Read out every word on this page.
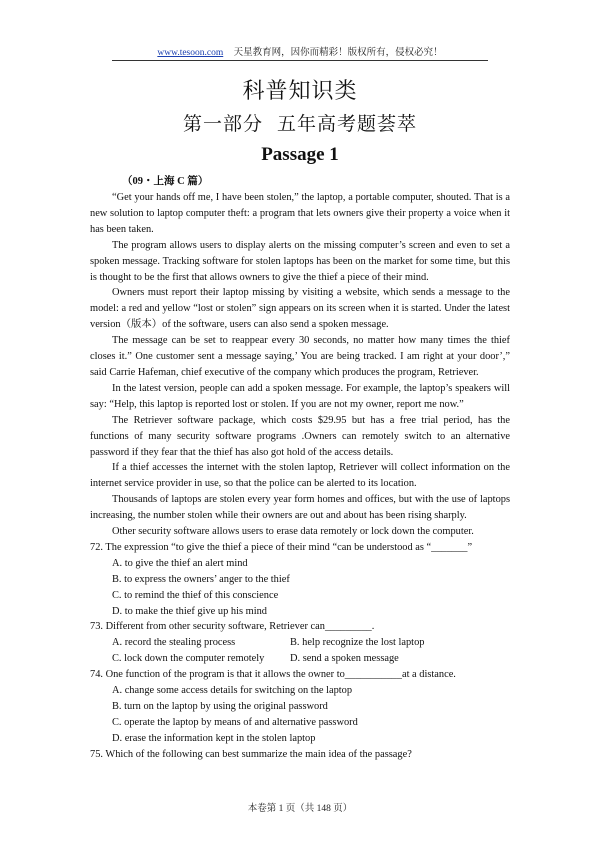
www.tesoon.com 天星教育网，因你而精彩！版权所有，侵权必究！
科普知识类
第一部分 五年高考题荟萃
Passage 1
（09・上海 C 篇）

“Get your hands off me, I have been stolen,” the laptop, a portable computer, shouted. That is a new solution to laptop computer theft: a program that lets owners give their property a voice when it has been taken.

The program allows users to display alerts on the missing computer’s screen and even to set a spoken message. Tracking software for stolen laptops has been on the market for some time, but this is thought to be the first that allows owners to give the thief a piece of their mind.

Owners must report their laptop missing by visiting a website, which sends a message to the model: a red and yellow “lost or stolen” sign appears on its screen when it is started. Under the latest version（版本）of the software, users can also send a spoken message.

The message can be set to reappear every 30 seconds, no matter how many times the thief closes it.” One customer sent a message saying,’ You are being tracked. I am right at your door’,” said Carrie Hafeman, chief executive of the company which produces the program, Retriever.

In the latest version, people can add a spoken message. For example, the laptop’s speakers will say: “Help, this laptop is reported lost or stolen. If you are not my owner, report me now.”

The Retriever software package, which costs $29.95 but has a free trial period, has the functions of many security software programs .Owners can remotely switch to an alternative password if they fear that the thief has also got hold of the access details.

If a thief accesses the internet with the stolen laptop, Retriever will collect information on the internet service provider in use, so that the police can be alerted to its location.

Thousands of laptops are stolen every year form homes and offices, but with the use of laptops increasing, the number stolen while their owners are out and about has been rising sharply.

Other security software allows users to erase data remotely or lock down the computer.

72. The expression “to give the thief a piece of their mind “can be understood as “_______”
A. to give the thief an alert mind
B. to express the owners’ anger to the thief
C. to remind the thief of this conscience
D. to make the thief give up his mind
73. Different from other security software, Retriever can_________.
A. record the stealing process	B. help recognize the lost laptop
C. lock down the computer remotely	D. send a spoken message
74. One function of the program is that it allows the owner to___________at a distance.
A. change some access details for switching on the laptop
B. turn on the laptop by using the original password
C. operate the laptop by means of and alternative password
D. erase the information kept in the stolen laptop
75. Which of the following can best summarize the main idea of the passage?
本卷第 1 页（共 148 页）
